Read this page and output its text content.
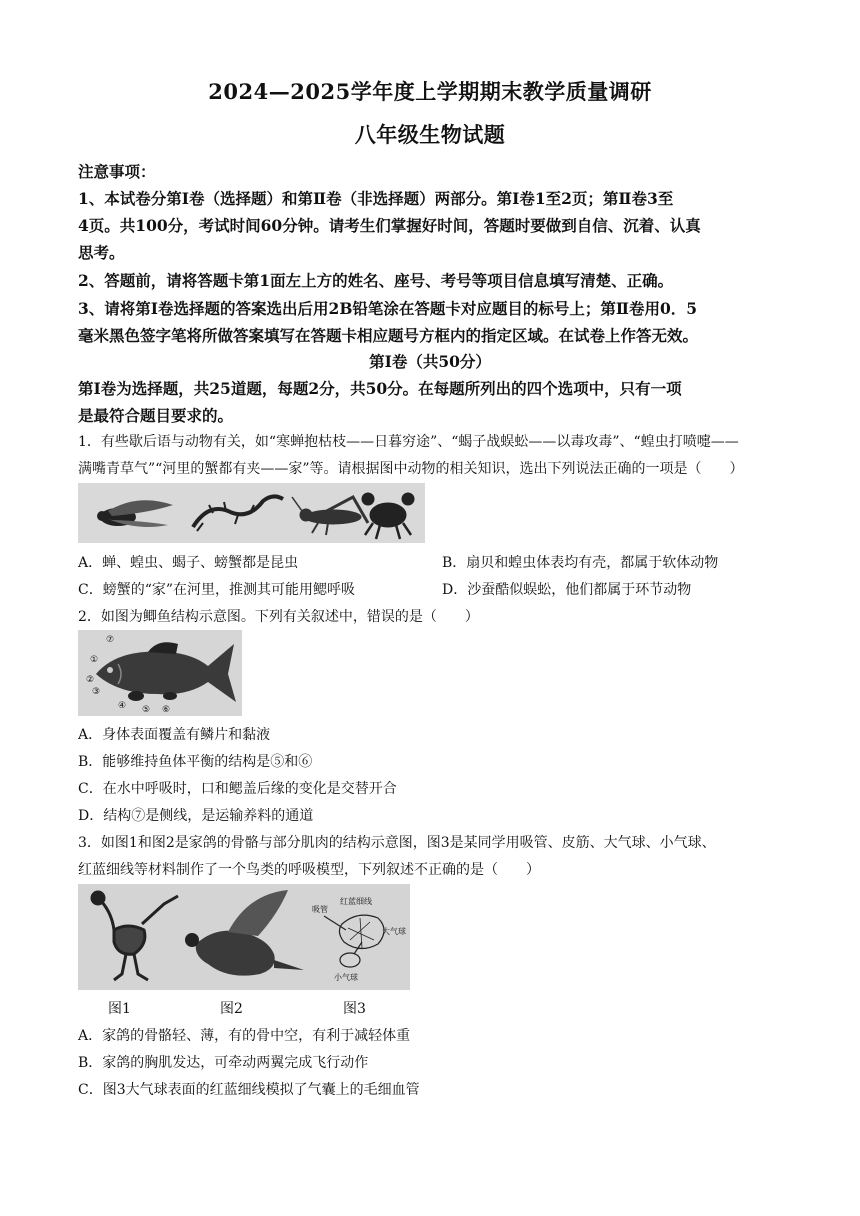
2024—2025学年度上学期期末教学质量调研
八年级生物试题
注意事项：
1、本试卷分第Ⅰ卷（选择题）和第Ⅱ卷（非选择题）两部分。第Ⅰ卷1至2页；第Ⅱ卷3至
4页。共100分，考试时间60分钟。请考生们掌握好时间，答题时要做到自信、沉着、认真
思考。
2、答题前，请将答题卡第1面左上方的姓名、座号、考号等项目信息填写清楚、正确。
3、请将第Ⅰ卷选择题的答案选出后用2B铅笔涂在答题卡对应题目的标号上；第Ⅱ卷用0．5
毫米黑色签字笔将所做答案填写在答题卡相应题号方框内的指定区域。在试卷上作答无效。
第Ⅰ卷（共50分）
第Ⅰ卷为选择题，共25道题，每题2分，共50分。在每题所列出的四个选项中，只有一项
是最符合题目要求的。
1．有些歇后语与动物有关，如“寒蝉抱枯枝——日暮穷途”、“蝎子战蜈蚣——以毒攻毒”、“蝗虫打喷嚏——
满嘴青草气”“河里的蟹都有夹——家”等。请根据图中动物的相关知识，选出下列说法正确的一项是（　　）
A．蝉、蝗虫、蝎子、螃蟹都是昆虫	B．扇贝和蝗虫体表均有壳，都属于软体动物
C．螃蟹的“家”在河里，推测其可能用鳃呼吸	D．沙蚕酷似蜈蚣，他们都属于环节动物
2．如图为鲫鱼结构示意图。下列有关叙述中，错误的是（　　）
⑦
①
②
③
④ ⑤ ⑥
A．身体表面覆盖有鳞片和黏液
B．能够维持鱼体平衡的结构是⑤和⑥
C．在水中呼吸时，口和鳃盖后缘的变化是交替开合
D．结构⑦是侧线，是运输养料的通道
3．如图1和图2是家鸽的骨骼与部分肌肉的结构示意图，图3是某同学用吸管、皮筋、大气球、小气球、
红蓝细线等材料制作了一个鸟类的呼吸模型，下列叙述不正确的是（　　）
吸管
红蓝细线
大气球
小气球
图1	图2	图3
A．家鸽的骨骼轻、薄，有的骨中空，有利于减轻体重
B．家鸽的胸肌发达，可牵动两翼完成飞行动作
C．图3大气球表面的红蓝细线模拟了气囊上的毛细血管
